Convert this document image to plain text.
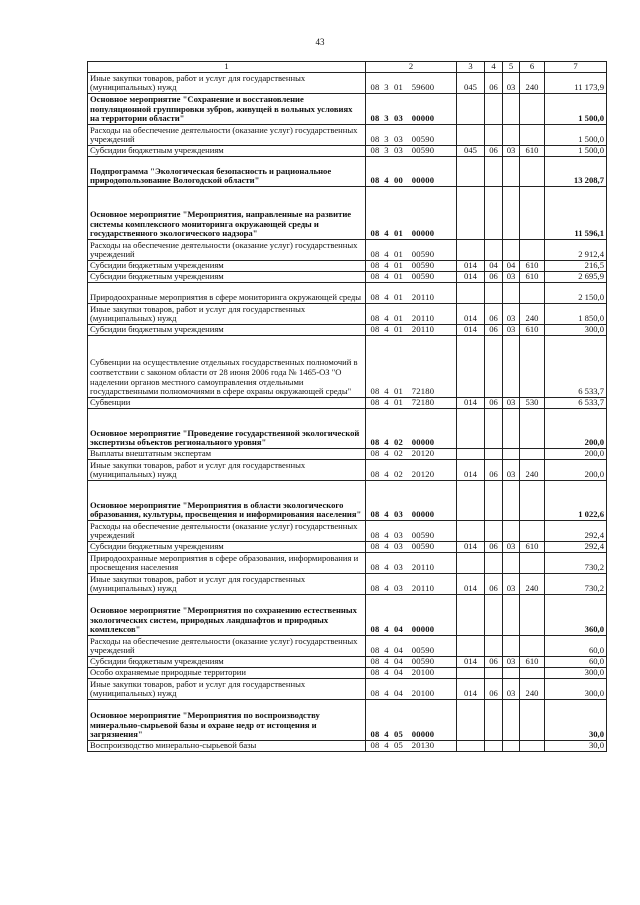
43
1	2	3	4	5	6	7
Иные закупки товаров, работ и услуг для государственных (муниципальных) нужд	08 3 01 59600	045	06	03	240	11 173,9
Основное мероприятие "Сохранение и восстановление популяционной группировки зубров, живущей в вольных условиях на территории области"	08 3 03 00000					1 500,0
Расходы на обеспечение деятельности (оказание услуг) государственных учреждений	08 3 03 00590					1 500,0
Субсидии бюджетным учреждениям	08 3 03 00590	045	06	03	610	1 500,0
Подпрограмма "Экологическая безопасность и рациональное природопользование Вологодской области"	08 4 00 00000					13 208,7
Основное мероприятие "Мероприятия, направленные на развитие системы комплексного мониторинга окружающей среды и государственного экологического надзора"	08 4 01 00000					11 596,1
Расходы на обеспечение деятельности (оказание услуг) государственных учреждений	08 4 01 00590					2 912,4
Субсидии бюджетным учреждениям	08 4 01 00590	014	04	04	610	216,5
Субсидии бюджетным учреждениям	08 4 01 00590	014	06	03	610	2 695,9
Природоохранные мероприятия в сфере мониторинга окружающей среды	08 4 01 20110					2 150,0
Иные закупки товаров, работ и услуг для государственных (муниципальных) нужд	08 4 01 20110	014	06	03	240	1 850,0
Субсидии бюджетным учреждениям	08 4 01 20110	014	06	03	610	300,0
Субвенции на осуществление отдельных государственных полномочий в соответствии с законом области от 28 июня 2006 года № 1465-ОЗ "О наделении органов местного самоуправления отдельными государственными полномочиями в сфере охраны окружающей среды"	08 4 01 72180					6 533,7
Субвенции	08 4 01 72180	014	06	03	530	6 533,7
Основное мероприятие "Проведение государственной экологической экспертизы объектов регионального уровня"	08 4 02 00000					200,0
Выплаты внештатным экспертам	08 4 02 20120					200,0
Иные закупки товаров, работ и услуг для государственных (муниципальных) нужд	08 4 02 20120	014	06	03	240	200,0
Основное мероприятие "Мероприятия в области экологического образования, культуры, просвещения и информирования населения"	08 4 03 00000					1 022,6
Расходы на обеспечение деятельности (оказание услуг) государственных учреждений	08 4 03 00590					292,4
Субсидии бюджетным учреждениям	08 4 03 00590	014	06	03	610	292,4
Природоохранные мероприятия в сфере образования, информирования и просвещения населения	08 4 03 20110					730,2
Иные закупки товаров, работ и услуг для государственных (муниципальных) нужд	08 4 03 20110	014	06	03	240	730,2
Основное мероприятие "Мероприятия по сохранению естественных экологических систем, природных ландшафтов и природных комплексов"	08 4 04 00000					360,0
Расходы на обеспечение деятельности (оказание услуг) государственных учреждений	08 4 04 00590					60,0
Субсидии бюджетным учреждениям	08 4 04 00590	014	06	03	610	60,0
Особо охраняемые природные территории	08 4 04 20100					300,0
Иные закупки товаров, работ и услуг для государственных (муниципальных) нужд	08 4 04 20100	014	06	03	240	300,0
Основное мероприятие "Мероприятия по воспроизводству минерально-сырьевой базы и охране недр от истощения и загрязнения"	08 4 05 00000					30,0
Воспроизводство минерально-сырьевой базы	08 4 05 20130					30,0
